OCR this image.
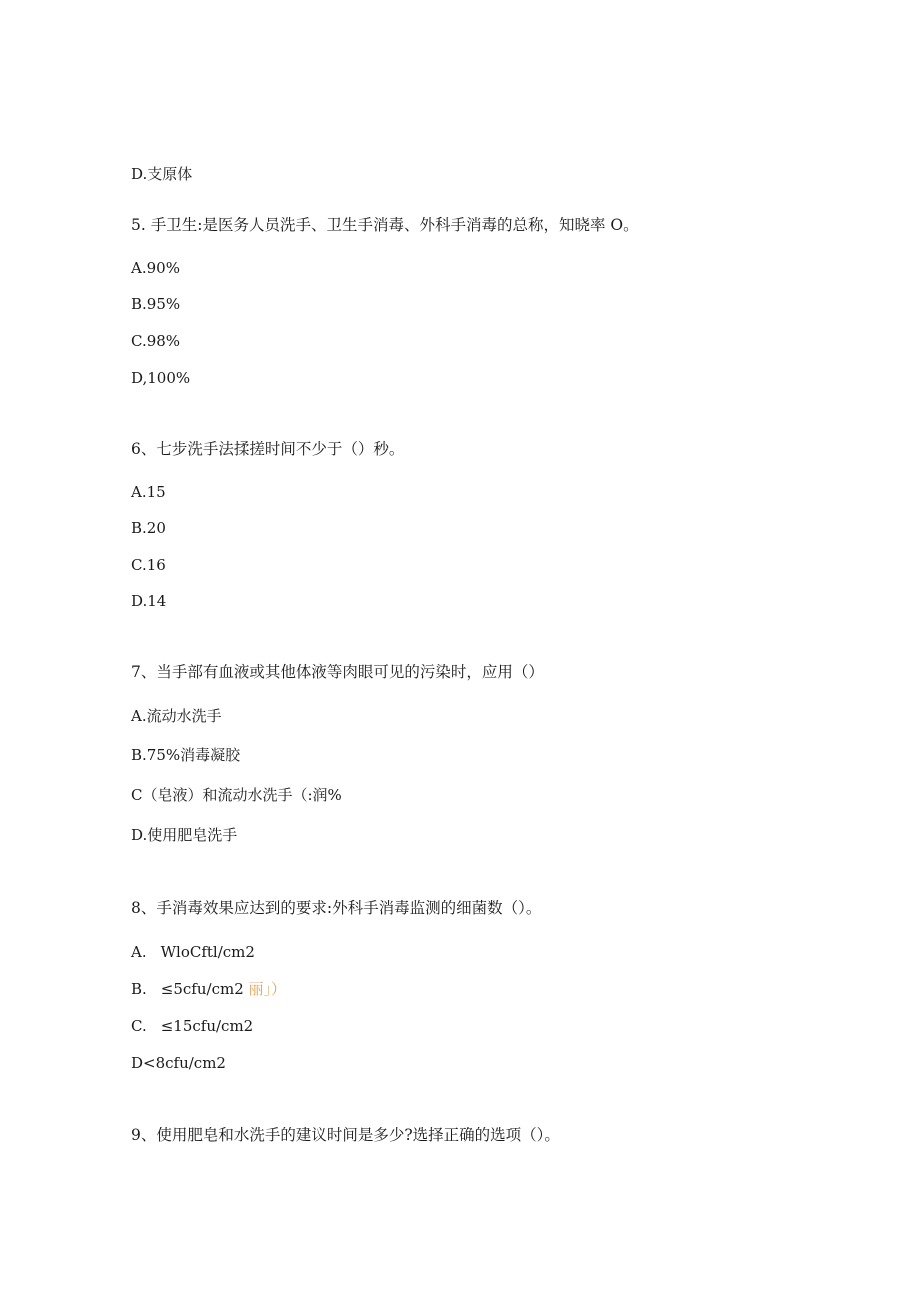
D.支原体
5. 手卫生:是医务人员洗手、卫生手消毒、外科手消毒的总称，知晓率 O。
A.90%
B.95%
C.98%
D,100%
6、七步洗手法揉搓时间不少于（）秒。
A.15
B.20
C.16
D.14
7、当手部有血液或其他体液等肉眼可见的污染时，应用（）
A.流动水洗手
B.75%消毒凝胶
C（皂液）和流动水洗手（:润%
D.使用肥皂洗手
8、手消毒效果应达到的要求:外科手消毒监测的细菌数（）。
A. WloCftl/cm2
B. ≤5cfu∕cm2 丽」）
C. ≤15cfu∕cm2
D<8cfu∕cm2
9、使用肥皂和水洗手的建议时间是多少?选择正确的选项（）。
